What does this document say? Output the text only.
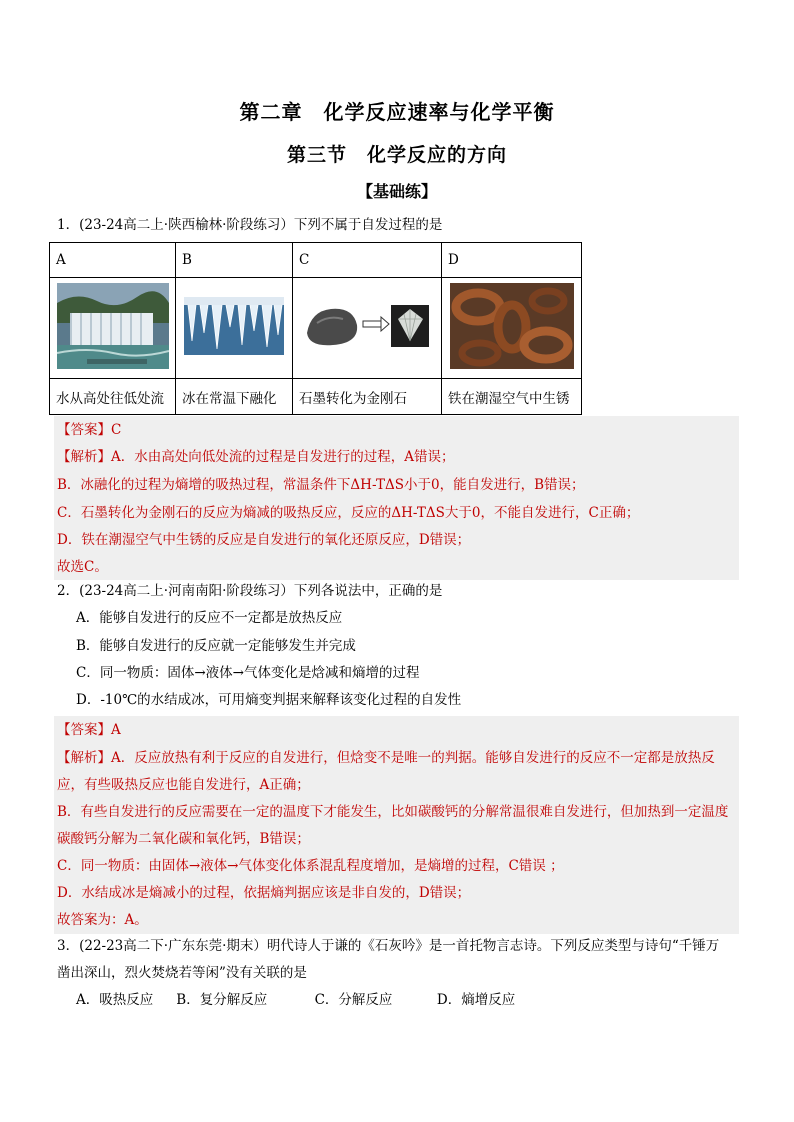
第二章　化学反应速率与化学平衡
第三节　化学反应的方向
【基础练】
1．(23-24高二上·陕西榆林·阶段练习）下列不属于自发过程的是
A	B	C	D

水从高处往低处流	冰在常温下融化	石墨转化为金刚石	铁在潮湿空气中生锈
【答案】C
【解析】A．水由高处向低处流的过程是自发进行的过程，A错误；
B．冰融化的过程为熵增的吸热过程，常温条件下ΔH-TΔS小于0，能自发进行，B错误；
C．石墨转化为金刚石的反应为熵减的吸热反应，反应的ΔH-TΔS大于0，不能自发进行，C正确；
D．铁在潮湿空气中生锈的反应是自发进行的氧化还原反应，D错误；
故选C。
2．(23-24高二上·河南南阳·阶段练习）下列各说法中，正确的是
A．能够自发进行的反应不一定都是放热反应
B．能够自发进行的反应就一定能够发生并完成
C．同一物质：固体→液体→气体变化是焓减和熵增的过程
D．-10℃的水结成冰，可用熵变判据来解释该变化过程的自发性
【答案】A
【解析】A．反应放热有利于反应的自发进行，但焓变不是唯一的判据。能够自发进行的反应不一定都是放热反应，有些吸热反应也能自发进行，A正确；
B．有些自发进行的反应需要在一定的温度下才能发生，比如碳酸钙的分解常温很难自发进行，但加热到一定温度碳酸钙分解为二氧化碳和氧化钙，B错误；
C．同一物质：由固体→液体→气体变化体系混乱程度增加，是熵增的过程，C错误 ；
D．水结成冰是熵减小的过程，依据熵判据应该是非自发的，D错误；
故答案为：A。
3．(22-23高二下·广东东莞·期末）明代诗人于谦的《石灰吟》是一首托物言志诗。下列反应类型与诗句“千锤万
凿出深山，烈火焚烧若等闲”没有关联的是
A．吸热反应 B．复分解反应	C．分解反应	D．熵增反应
